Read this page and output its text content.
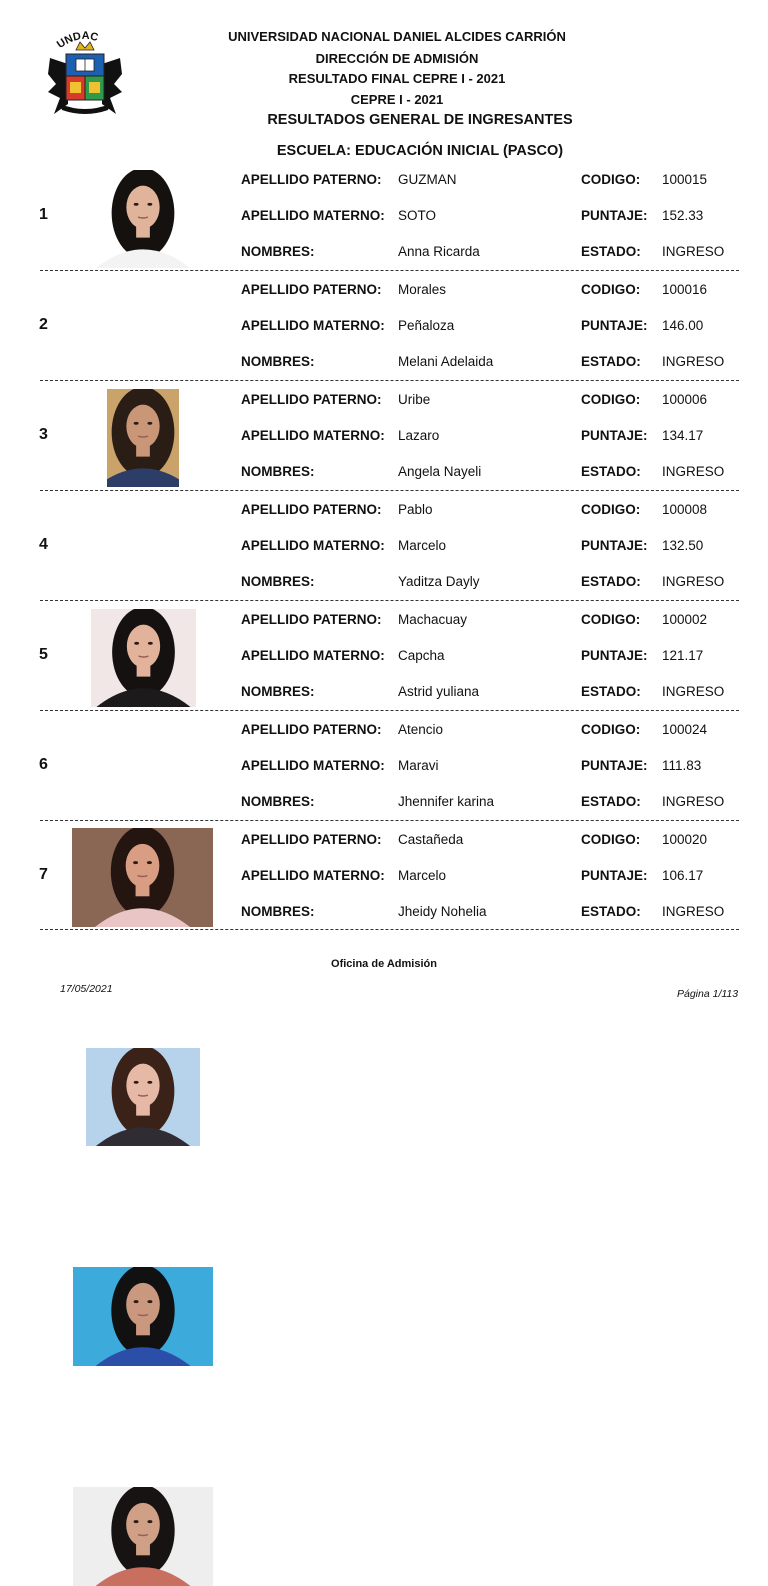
UNDAC	UNIVERSIDAD NACIONAL DANIEL ALCIDES CARRIÓN
DIRECCIÓN DE ADMISIÓN
RESULTADO FINAL CEPRE I - 2021
CEPRE I - 2021
RESULTADOS GENERAL DE INGRESANTES
ESCUELA: EDUCACIÓN INICIAL (PASCO)
1
APELLIDO PATERNO: GUZMAN	CODIGO: 100015
APELLIDO MATERNO: SOTO	PUNTAJE: 152.33
NOMBRES:	Anna Ricarda	ESTADO: INGRESO
2
APELLIDO PATERNO: Morales	CODIGO: 100016
APELLIDO MATERNO: Peñaloza	PUNTAJE: 146.00
NOMBRES:	Melani Adelaida	ESTADO: INGRESO
3
APELLIDO PATERNO: Uribe	CODIGO: 100006
APELLIDO MATERNO: Lazaro	PUNTAJE: 134.17
NOMBRES:	Angela Nayeli	ESTADO: INGRESO
4
APELLIDO PATERNO: Pablo	CODIGO: 100008
APELLIDO MATERNO: Marcelo	PUNTAJE: 132.50
NOMBRES:	Yaditza Dayly	ESTADO: INGRESO
5
APELLIDO PATERNO: Machacuay	CODIGO: 100002
APELLIDO MATERNO: Capcha	PUNTAJE: 121.17
NOMBRES:	Astrid yuliana	ESTADO: INGRESO
6
APELLIDO PATERNO: Atencio	CODIGO: 100024
APELLIDO MATERNO: Maravi	PUNTAJE: 111.83
NOMBRES:	Jhennifer karina	ESTADO: INGRESO
7
APELLIDO PATERNO: Castañeda	CODIGO: 100020
APELLIDO MATERNO: Marcelo	PUNTAJE: 106.17
NOMBRES:	Jheidy Nohelia	ESTADO: INGRESO
Oficina de Admisión
17/05/2021	Página 1/113
